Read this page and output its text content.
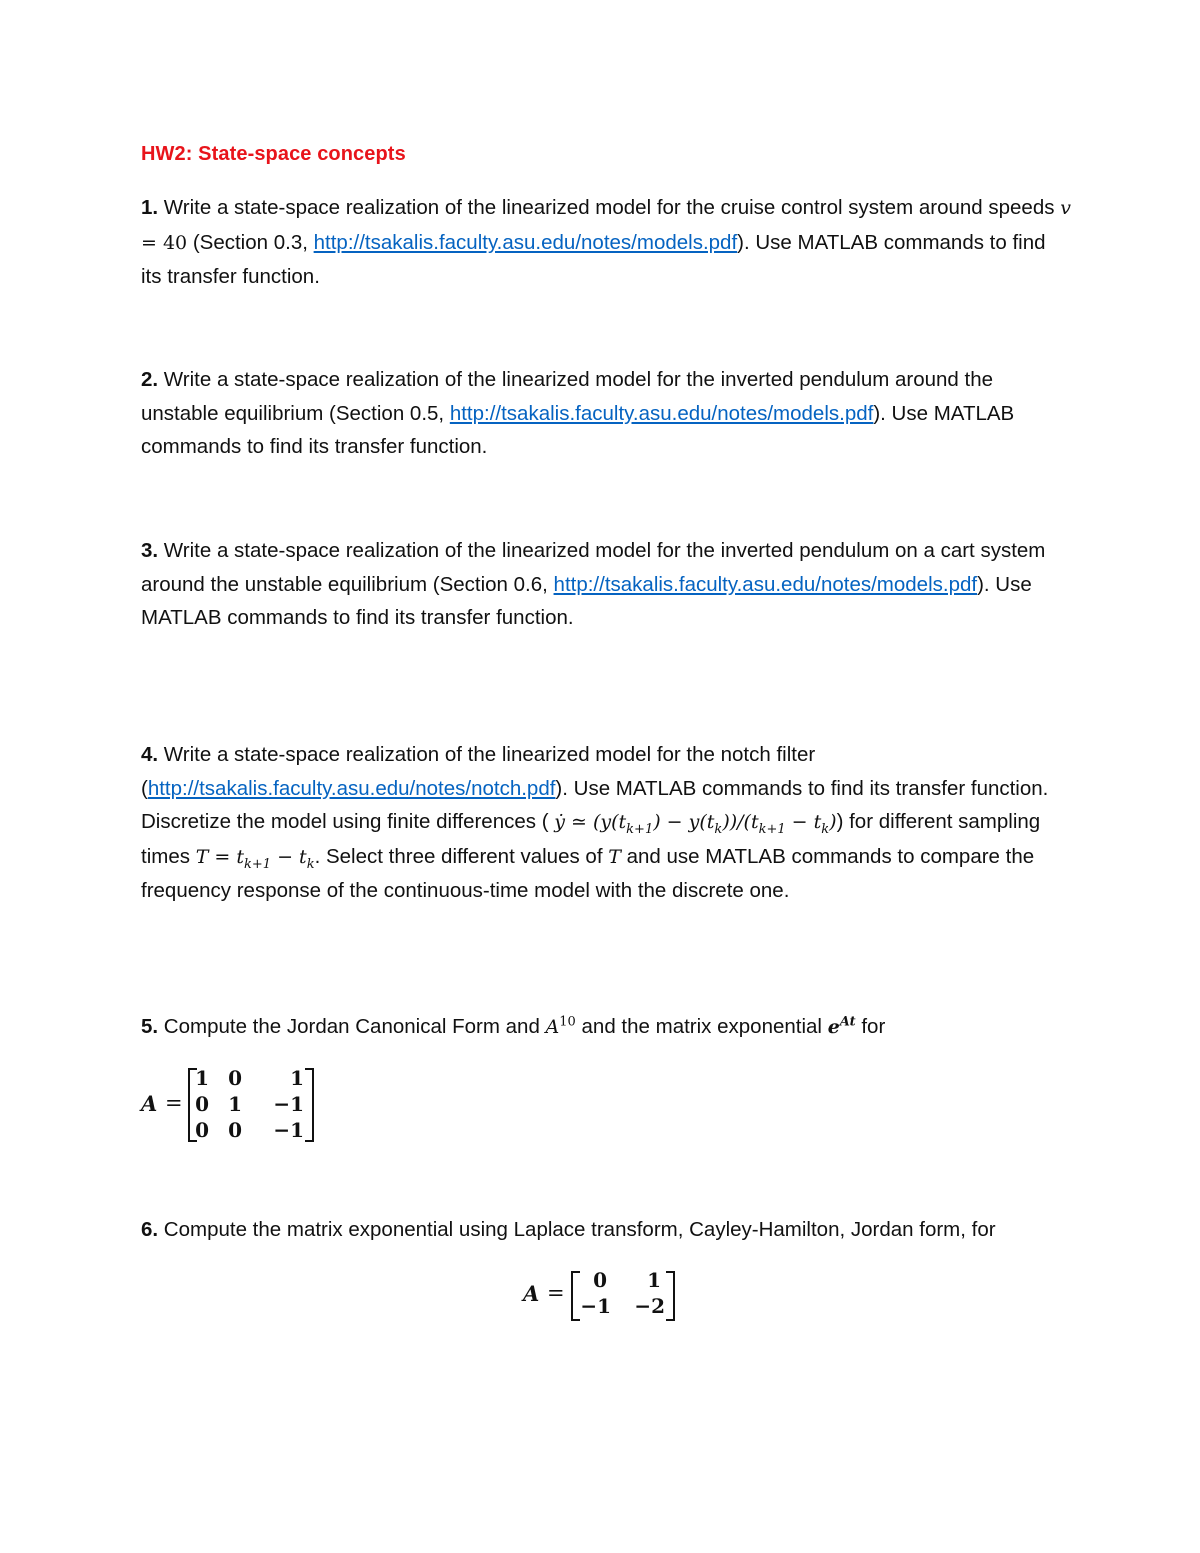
HW2: State-space concepts
1. Write a state-space realization of the linearized model for the cruise control system around speeds v = 40 (Section 0.3, http://tsakalis.faculty.asu.edu/notes/models.pdf). Use MATLAB commands to find its transfer function.
2. Write a state-space realization of the linearized model for the inverted pendulum around the unstable equilibrium (Section 0.5, http://tsakalis.faculty.asu.edu/notes/models.pdf). Use MATLAB commands to find its transfer function.
3. Write a state-space realization of the linearized model for the inverted pendulum on a cart system around the unstable equilibrium (Section 0.6, http://tsakalis.faculty.asu.edu/notes/models.pdf). Use MATLAB commands to find its transfer function.
4. Write a state-space realization of the linearized model for the notch filter (http://tsakalis.faculty.asu.edu/notes/notch.pdf). Use MATLAB commands to find its transfer function. Discretize the model using finite differences ( ẏ ≃ $(y(t_{k+1}) - y(t_k))/(t_{k+1} - t_k)$) for different sampling times $T = t_{k+1} - t_k$. Select three different values of T and use MATLAB commands to compare the frequency response of the continuous-time model with the discrete one.
5. Compute the Jordan Canonical Form and $A^{10}$ and the matrix exponential $e^{At}$ for
A =
1 0	1
0 1	−1
0 0	−1
6. Compute the matrix exponential using Laplace transform, Cayley-Hamilton, Jordan form, for
A =
0	1
−1	−2
